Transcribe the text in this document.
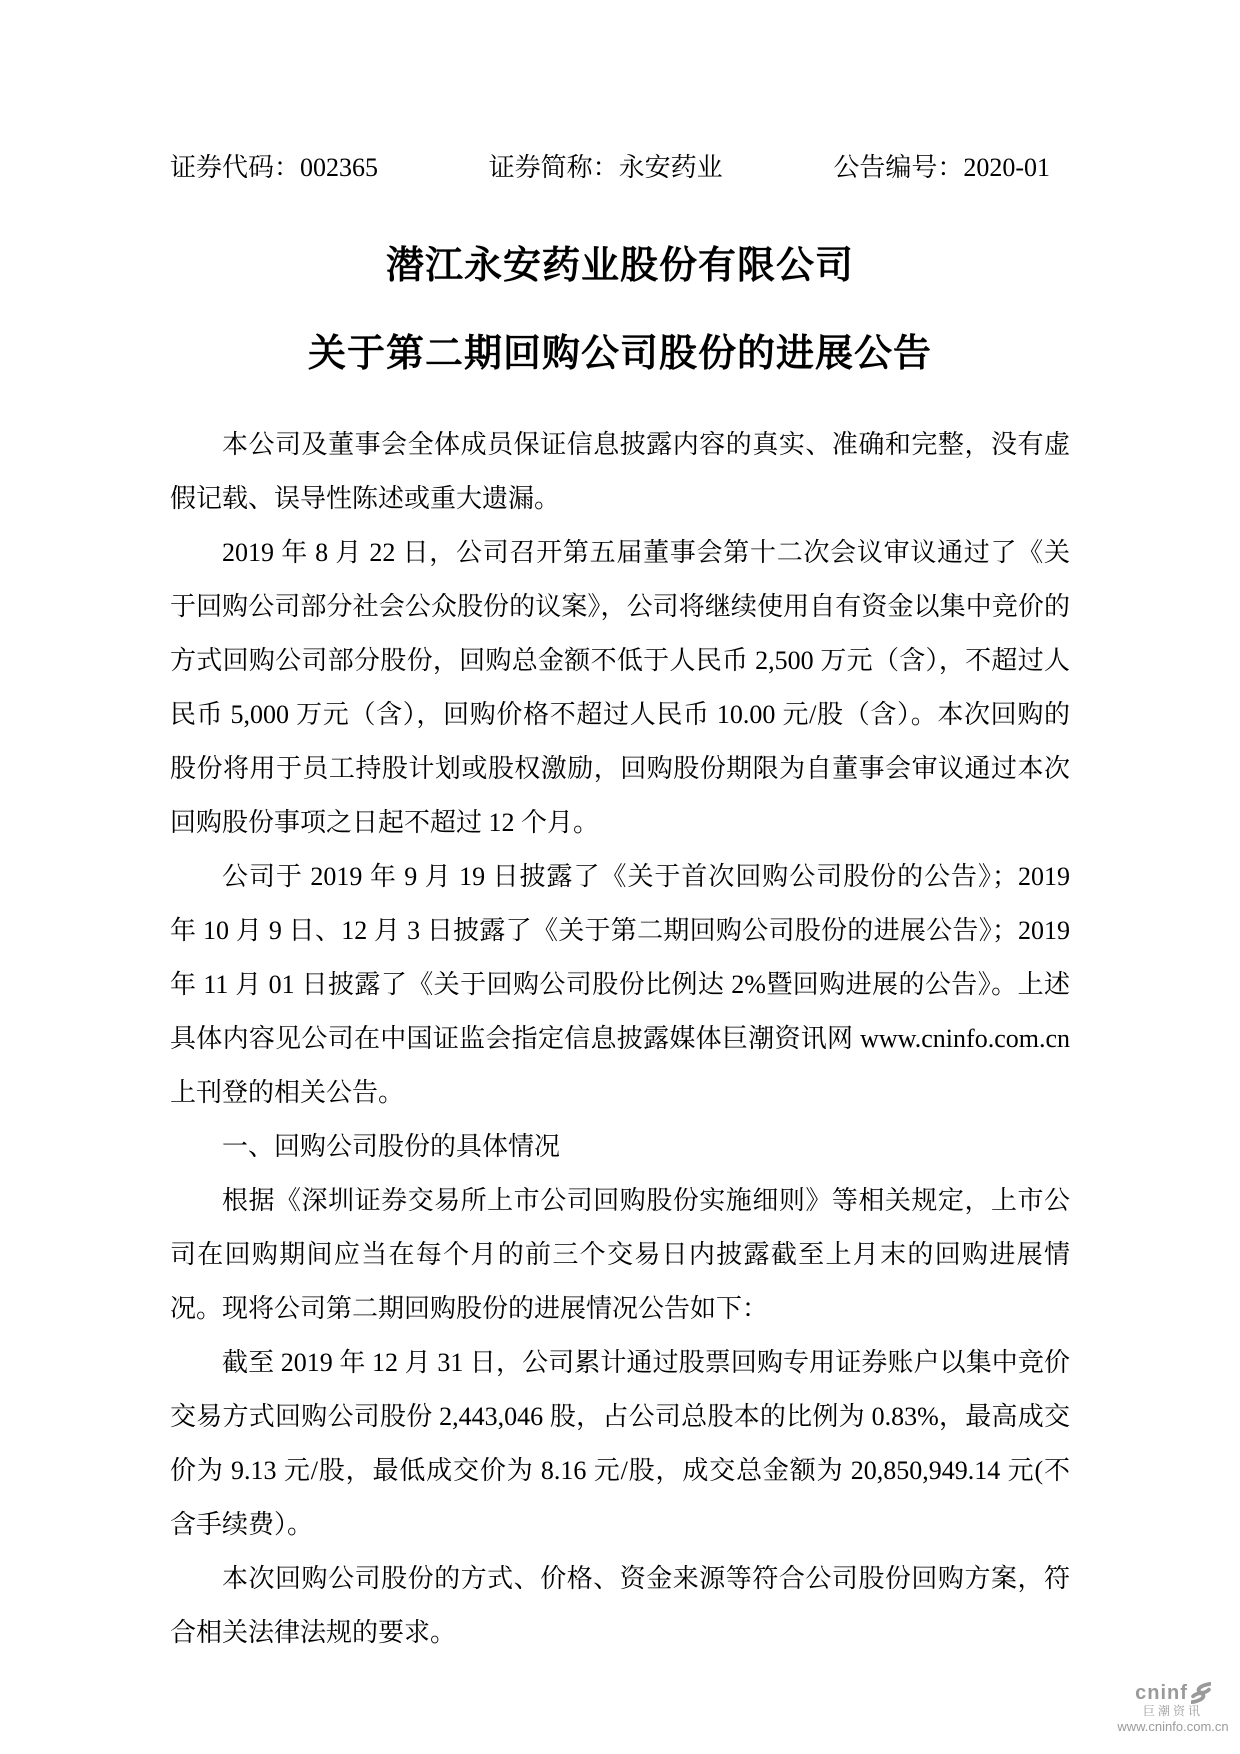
证券代码：002365	证券简称：永安药业	公告编号：2020-01
潜江永安药业股份有限公司
关于第二期回购公司股份的进展公告

本公司及董事会全体成员保证信息披露内容的真实、准确和完整，没有虚假记载、误导性陈述或重大遗漏。

2019 年 8 月 22 日，公司召开第五届董事会第十二次会议审议通过了《关于回购公司部分社会公众股份的议案》，公司将继续使用自有资金以集中竞价的方式回购公司部分股份，回购总金额不低于人民币 2,500 万元（含），不超过人民币 5,000 万元（含），回购价格不超过人民币 10.00 元/股（含）。本次回购的股份将用于员工持股计划或股权激励，回购股份期限为自董事会审议通过本次回购股份事项之日起不超过 12 个月。

公司于 2019 年 9 月 19 日披露了《关于首次回购公司股份的公告》；2019 年 10 月 9 日、12 月 3 日披露了《关于第二期回购公司股份的进展公告》；2019 年 11 月 01 日披露了《关于回购公司股份比例达 2%暨回购进展的公告》。上述具体内容见公司在中国证监会指定信息披露媒体巨潮资讯网 www.cninfo.com.cn 上刊登的相关公告。

一、回购公司股份的具体情况

根据《深圳证券交易所上市公司回购股份实施细则》等相关规定，上市公司在回购期间应当在每个月的前三个交易日内披露截至上月末的回购进展情况。现将公司第二期回购股份的进展情况公告如下：

截至 2019 年 12 月 31 日，公司累计通过股票回购专用证券账户以集中竞价交易方式回购公司股份 2,443,046 股，占公司总股本的比例为 0.83%，最高成交价为 9.13 元/股，最低成交价为 8.16 元/股，成交总金额为 20,850,949.14 元(不含手续费）。

本次回购公司股份的方式、价格、资金来源等符合公司股份回购方案，符合相关法律法规的要求。

cninf
巨潮资讯
www.cninfo.com.cn
